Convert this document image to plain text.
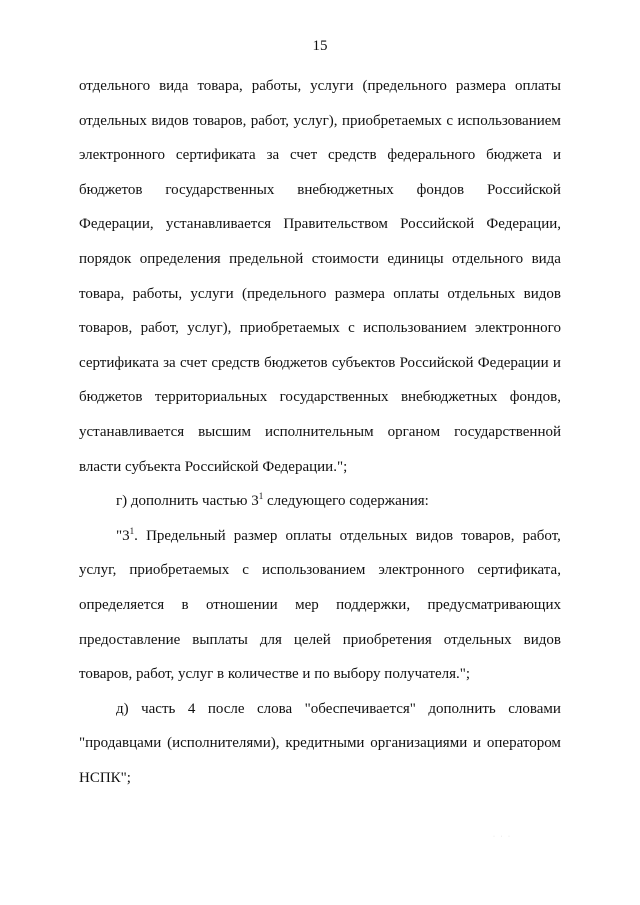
15
отдельного вида товара, работы, услуги (предельного размера оплаты
отдельных видов товаров, работ, услуг), приобретаемых с использованием
электронного сертификата за счет средств федерального бюджета и
бюджетов государственных внебюджетных фондов Российской
Федерации, устанавливается Правительством Российской Федерации,
порядок определения предельной стоимости единицы отдельного вида
товара, работы, услуги (предельного размера оплаты отдельных видов
товаров, работ, услуг), приобретаемых с использованием электронного
сертификата за счет средств бюджетов субъектов Российской Федерации и
бюджетов территориальных государственных внебюджетных фондов,
устанавливается высшим исполнительным органом государственной
власти субъекта Российской Федерации.";
г) дополнить частью $3^1$ следующего содержания:
"$3^1$. Предельный размер оплаты отдельных видов товаров, работ,
услуг, приобретаемых с использованием электронного сертификата,
определяется в отношении мер поддержки, предусматривающих
предоставление выплаты для целей приобретения отдельных видов
товаров, работ, услуг в количестве и по выбору получателя.";
д) часть 4 после слова "обеспечивается" дополнить словами
"продавцами (исполнителями), кредитными организациями и оператором
НСПК";
· · ·
